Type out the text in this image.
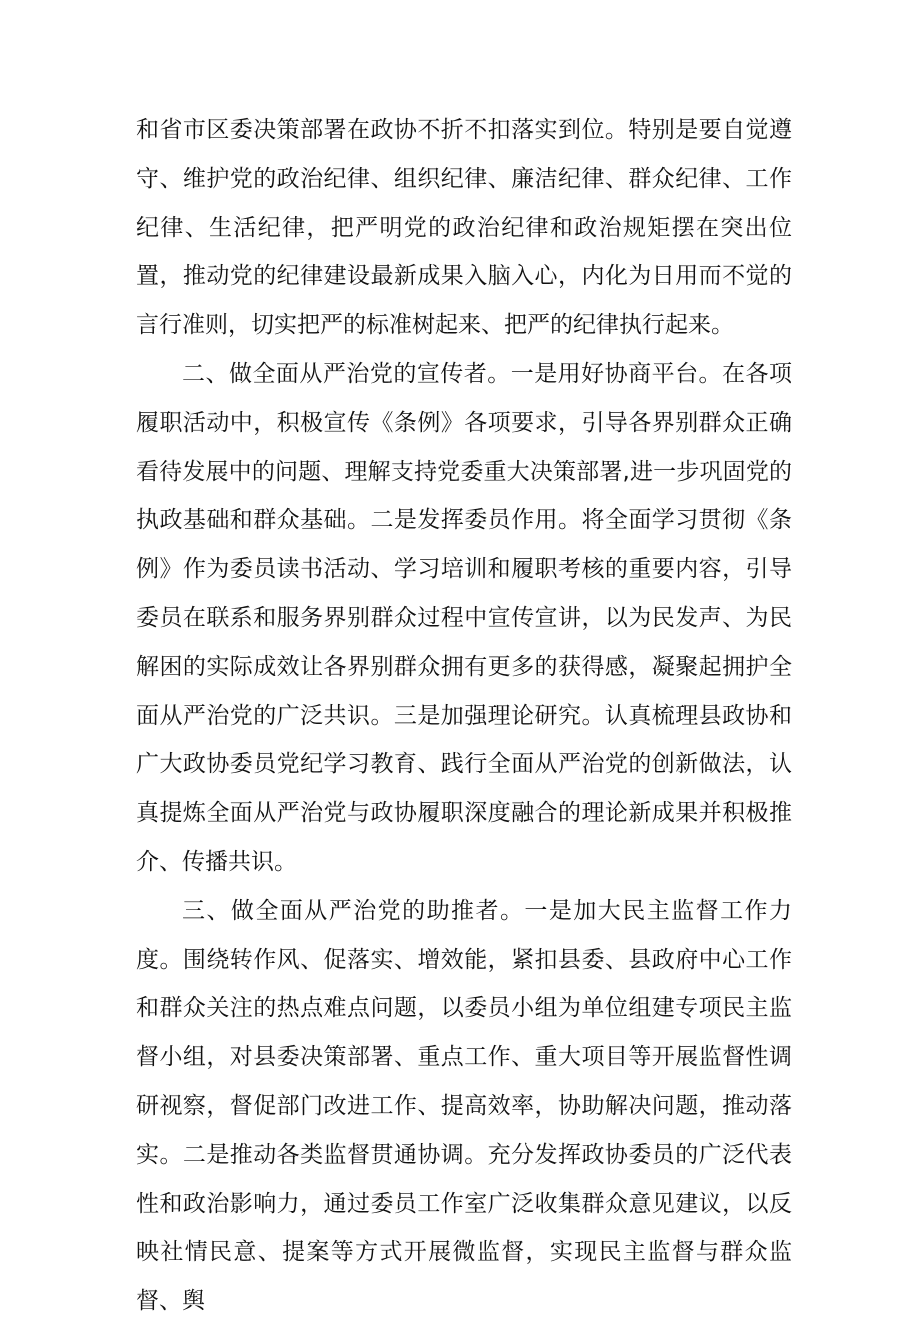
和省市区委决策部署在政协不折不扣落实到位。特别是要自觉遵守、维护党的政治纪律、组织纪律、廉洁纪律、群众纪律、工作纪律、生活纪律，把严明党的政治纪律和政治规矩摆在突出位置，推动党的纪律建设最新成果入脑入心，内化为日用而不觉的言行准则，切实把严的标准树起来、把严的纪律执行起来。

二、做全面从严治党的宣传者。一是用好协商平台。在各项履职活动中，积极宣传《条例》各项要求，引导各界别群众正确看待发展中的问题、理解支持党委重大决策部署,进一步巩固党的执政基础和群众基础。二是发挥委员作用。将全面学习贯彻《条例》作为委员读书活动、学习培训和履职考核的重要内容，引导委员在联系和服务界别群众过程中宣传宣讲，以为民发声、为民解困的实际成效让各界别群众拥有更多的获得感，凝聚起拥护全面从严治党的广泛共识。三是加强理论研究。认真梳理县政协和广大政协委员党纪学习教育、践行全面从严治党的创新做法，认真提炼全面从严治党与政协履职深度融合的理论新成果并积极推介、传播共识。

三、做全面从严治党的助推者。一是加大民主监督工作力度。围绕转作风、促落实、增效能，紧扣县委、县政府中心工作和群众关注的热点难点问题，以委员小组为单位组建专项民主监督小组，对县委决策部署、重点工作、重大项目等开展监督性调研视察，督促部门改进工作、提高效率，协助解决问题，推动落实。二是推动各类监督贯通协调。充分发挥政协委员的广泛代表性和政治影响力，通过委员工作室广泛收集群众意见建议，以反映社情民意、提案等方式开展微监督，实现民主监督与群众监督、舆
